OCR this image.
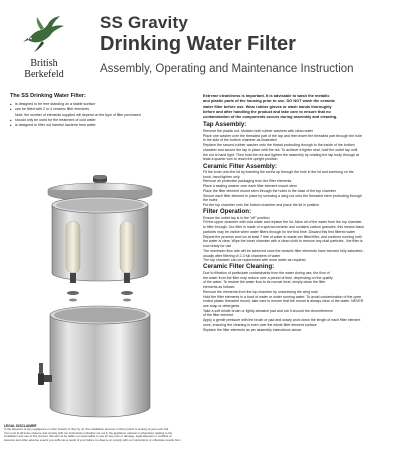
British
Berkefeld
SS Gravity
Drinking Water Filter
Assembly, Operating and Maintenance Instruction
The SS Drinking Water Filter:
• is designed to be free standing on a stable surface
• can be fitted with 2 or 4 ceramic filter elements
Note: the number of elements supplied will depend on the type of filter purchased
• should only be used for the treatment of cold water
• is designed to filter out harmful bacteria from water
LEGAL DISCLAIMER
In the absence of any negligence or other breach of duty by us, the installation and use of this product is entirely at your own risk.
You must at all times observe and comply with our instructions (whether set out in the appliance manual or otherwise) relating to the
installation and use of this product. We will not be liable nor responsible to you for any loss or damage, legal disputes or conflicts of
interests and other adverse events you suffer as a result of your failure to observe or comply with our instructions or otherwise results from
Extreme cleanliness is important. It is advisable to wash the metallic
and plastic parts of the housing prior to use. DO NOT wash the ceramic
water filter before use. Wear rubber gloves or wash hands thoroughly
before and after handling the product and take care to ensure that no
contamination of the components occurs during assembly and cleaning.
Tap Assembly:
Remove the plastic nut. Moisten both rubber washers with clean water
Place one washer over the threaded part of the tap and then insert the threaded part through the hole
in the side of the bottom chamber as illustrated
Replace the second rubber washer onto the thread protruding through to the inside of the bottom
chamber and secure the tap in place with the nut. To achieve a tighter seal, hold the outlet tap until
the nut is hand tight. Then hold the nut and tighten the assembly by rotating the tap body through at
least a quarter turn to reach the upright position
Ceramic Filter Assembly:
Fit the knob onto the lid by inserting the screw up through the hole in the lid and screwing on the
knob, hand tighten only
Remove all protective packaging from the filter elements
Place a sealing washer over each filter element mount stem
Place the filter element mount stem through the holes in the base of the top chamber
Secure each filter element in place by screwing a wing nut onto the threaded stem protruding through
the holes
Put the top chamber onto the bottom chamber and place the lid in position
Filter Operation:
Ensure the outlet tap is in the "off" position
Fill the upper chamber with cold water and replace the lid. Allow all of the water from the top chamber
to filter through. Our filter is made of a special ceramic and contains carbon granules, this means black
particles may be visible when water filters through for the first time. Discard this first filtered water
Repeat the process and run at least 7 litre of water to waste per fitted filter, and continue running until
the water is clear. Wipe the lower chamber with a clean cloth to remove any dust particles - the filter is
now ready for use
The maximum flow rate will be achieved once the ceramic filter elements have become fully saturated -
usually after filtering of 2-3 full chambers of water
The top chamber can be replenished with more water as required
Ceramic Filter Cleaning:
Due to filtration of particulate contaminants from the water during use, the flow of
the water from the filter may reduce over a period of time, depending on the quality
of the water. To restore the water flow to its normal level, simply clean the filter
elements as follows:
Remove the elements from the top chamber by unscrewing the wing nuts
Hold the filter elements in a bowl of water or under running water. To avoid contamination of the open
ended plastic threaded mount, take care to ensure that the mount is always clear of the water. NEVER
use soap or detergents
Take a soft bristle brush or lightly abrasive pad and rub it around the circumference
of the filter element
Apply a gentle pressure with the brush or pad and slowly work down the length of each filter element
once, ensuring the cleaning is even over the whole filter element surface
Replace the filter elements as per assembly instructions above
